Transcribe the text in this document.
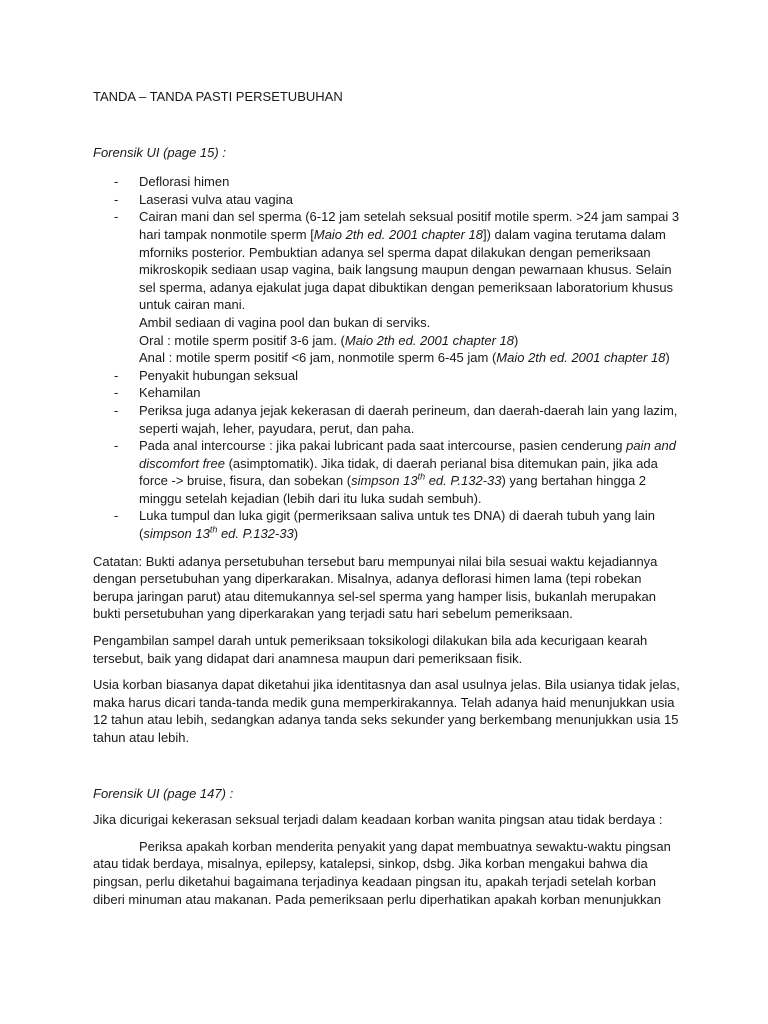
TANDA – TANDA PASTI PERSETUBUHAN

Forensik UI (page 15) :
- Deflorasi himen
- Laserasi vulva atau vagina
- Cairan mani dan sel sperma (6-12 jam setelah seksual positif motile sperm. >24 jam sampai 3 hari tampak nonmotile sperm [Maio 2th ed. 2001 chapter 18]) dalam vagina terutama dalam mforniks posterior. Pembuktian adanya sel sperma dapat dilakukan dengan pemeriksaan mikroskopik sediaan usap vagina, baik langsung maupun dengan pewarnaan khusus. Selain sel sperma, adanya ejakulat juga dapat dibuktikan dengan pemeriksaan laboratorium khusus untuk cairan mani.
Ambil sediaan di vagina pool dan bukan di serviks.
Oral : motile sperm positif 3-6 jam. (Maio 2th ed. 2001 chapter 18)
Anal : motile sperm positif <6 jam, nonmotile sperm 6-45 jam (Maio 2th ed. 2001 chapter 18)
- Penyakit hubungan seksual
- Kehamilan
- Periksa juga adanya jejak kekerasan di daerah perineum, dan daerah-daerah lain yang lazim, seperti wajah, leher, payudara, perut, dan paha.
- Pada anal intercourse : jika pakai lubricant pada saat intercourse, pasien cenderung pain and discomfort free (asimptomatik). Jika tidak, di daerah perianal bisa ditemukan pain, jika ada force -> bruise, fisura, dan sobekan (simpson 13th ed. P.132-33) yang bertahan hingga 2 minggu setelah kejadian (lebih dari itu luka sudah sembuh).
- Luka tumpul dan luka gigit (permeriksaan saliva untuk tes DNA) di daerah tubuh yang lain (simpson 13th ed. P.132-33)

Catatan: Bukti adanya persetubuhan tersebut baru mempunyai nilai bila sesuai waktu kejadiannya dengan persetubuhan yang diperkarakan. Misalnya, adanya deflorasi himen lama (tepi robekan berupa jaringan parut) atau ditemukannya sel-sel sperma yang hamper lisis, bukanlah merupakan bukti persetubuhan yang diperkarakan yang terjadi satu hari sebelum pemeriksaan.

Pengambilan sampel darah untuk pemeriksaan toksikologi dilakukan bila ada kecurigaan kearah tersebut, baik yang didapat dari anamnesa maupun dari pemeriksaan fisik.

Usia korban biasanya dapat diketahui jika identitasnya dan asal usulnya jelas. Bila usianya tidak jelas, maka harus dicari tanda-tanda medik guna memperkirakannya. Telah adanya haid menunjukkan usia 12 tahun atau lebih, sedangkan adanya tanda seks sekunder yang berkembang menunjukkan usia 15 tahun atau lebih.

Forensik UI (page 147) :

Jika dicurigai kekerasan seksual terjadi dalam keadaan korban wanita pingsan atau tidak berdaya :

Periksa apakah korban menderita penyakit yang dapat membuatnya sewaktu-waktu pingsan atau tidak berdaya, misalnya, epilepsy, katalepsi, sinkop, dsbg. Jika korban mengakui bahwa dia pingsan, perlu diketahui bagaimana terjadinya keadaan pingsan itu, apakah terjadi setelah korban diberi minuman atau makanan. Pada pemeriksaan perlu diperhatikan apakah korban menunjukkan
